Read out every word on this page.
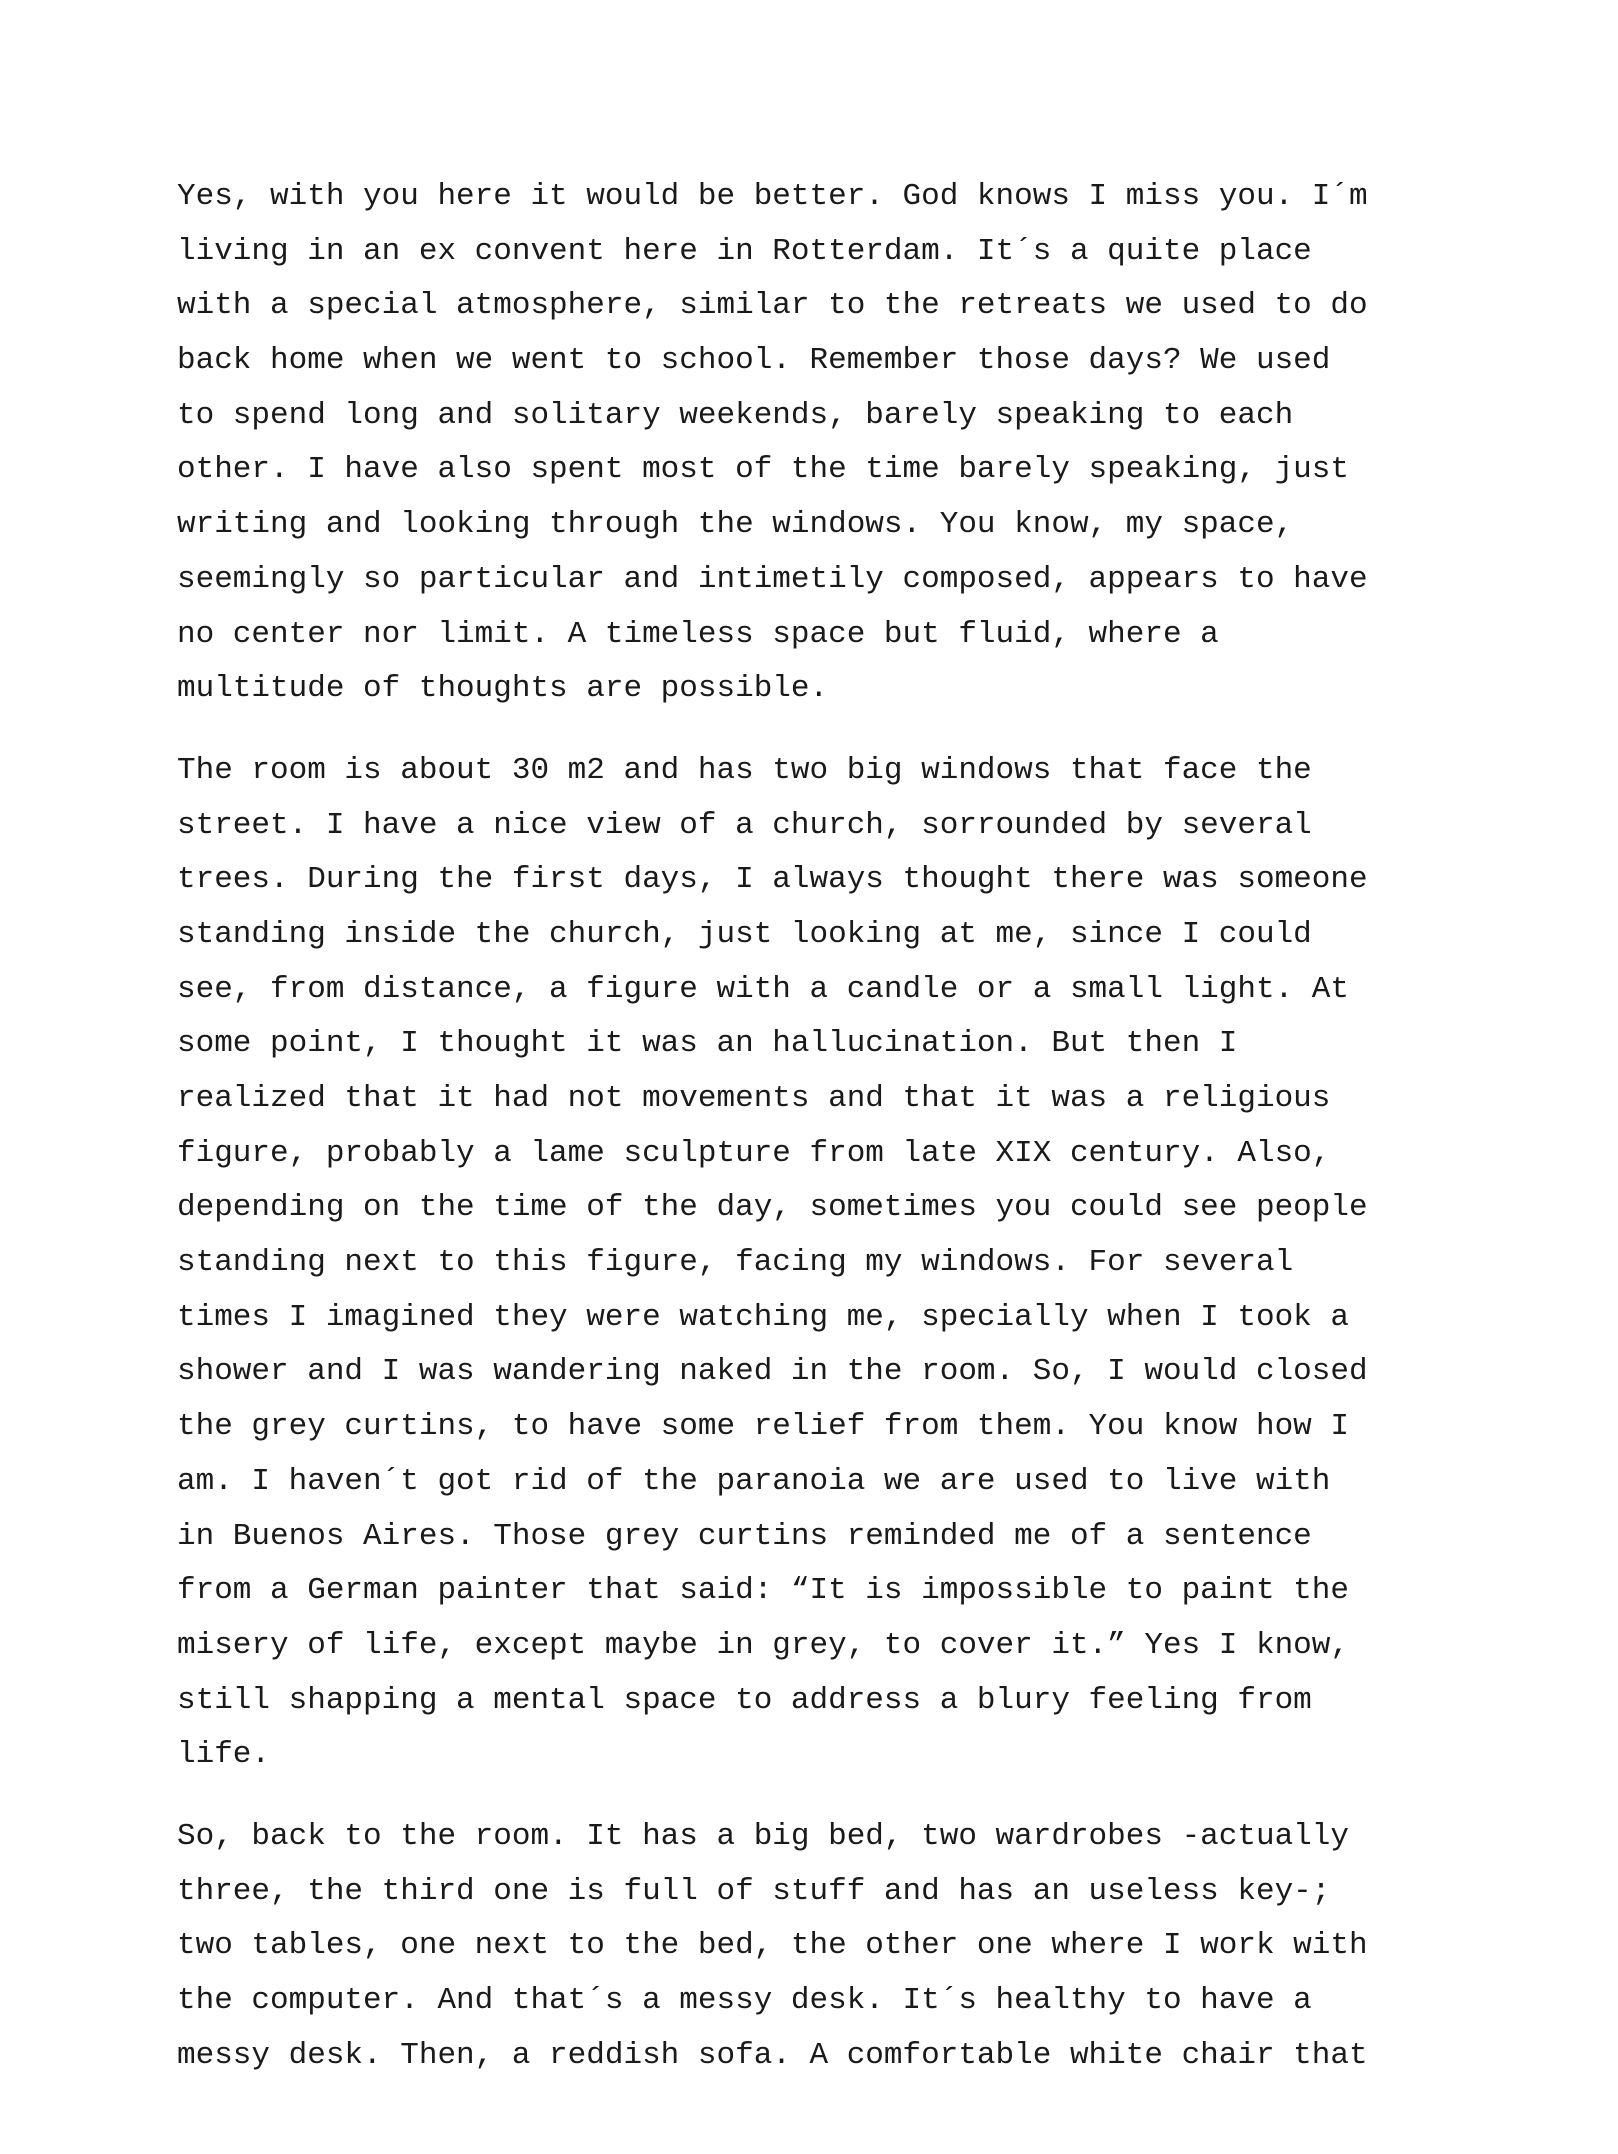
Yes, with you here it would be better. God knows I miss you. I´m
living in an ex convent here in Rotterdam. It´s a quite place
with a special atmosphere, similar to the retreats we used to do
back home when we went to school. Remember those days? We used
to spend long and solitary weekends, barely speaking to each
other. I have also spent most of the time barely speaking, just
writing and looking through the windows. You know, my space,
seemingly so particular and intimetily composed, appears to have
no center nor limit. A timeless space but fluid, where a
multitude of thoughts are possible.
The room is about 30 m2 and has two big windows that face the
street. I have a nice view of a church, sorrounded by several
trees. During the first days, I always thought there was someone
standing inside the church, just looking at me, since I could
see, from distance, a figure with a candle or a small light. At
some point, I thought it was an hallucination. But then I
realized that it had not movements and that it was a religious
figure, probably a lame sculpture from late XIX century. Also,
depending on the time of the day, sometimes you could see people
standing next to this figure, facing my windows. For several
times I imagined they were watching me, specially when I took a
shower and I was wandering naked in the room. So, I would closed
the grey curtins, to have some relief from them. You know how I
am. I haven´t got rid of the paranoia we are used to live with
in Buenos Aires. Those grey curtins reminded me of a sentence
from a German painter that said: “It is impossible to paint the
misery of life, except maybe in grey, to cover it.” Yes I know,
still shapping a mental space to address a blury feeling from
life.
So, back to the room. It has a big bed, two wardrobes -actually
three, the third one is full of stuff and has an useless key-;
two tables, one next to the bed, the other one where I work with
the computer. And that´s a messy desk. It´s healthy to have a
messy desk. Then, a reddish sofa. A comfortable white chair that
